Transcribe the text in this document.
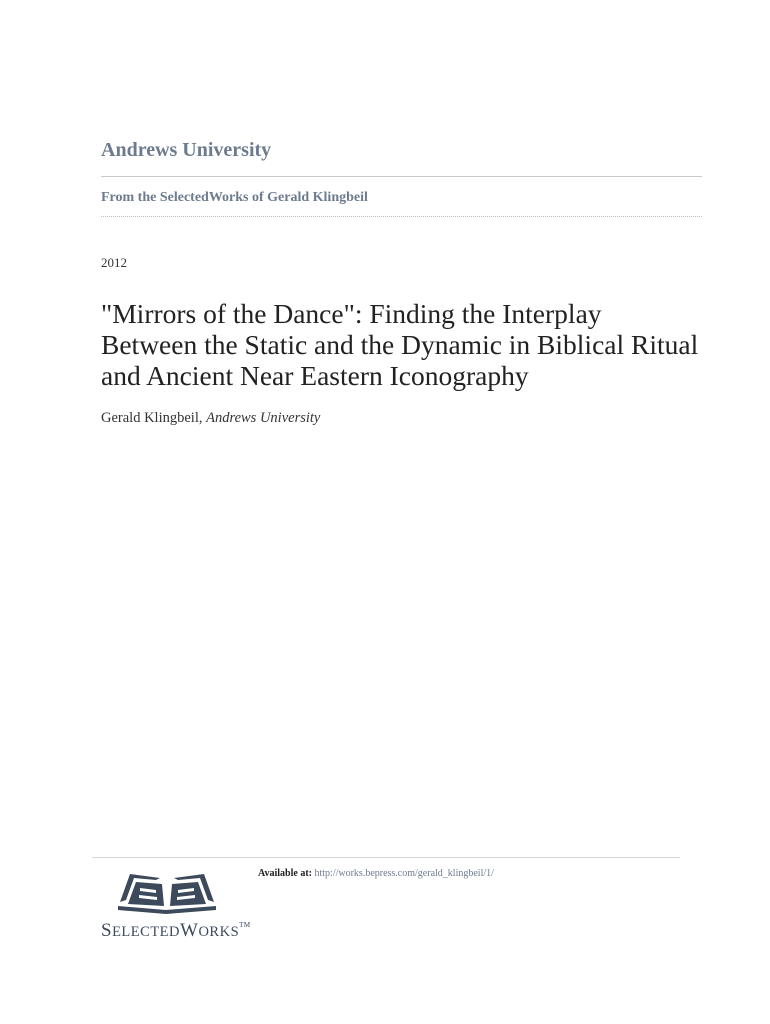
Andrews University
From the SelectedWorks of Gerald Klingbeil
2012
"Mirrors of the Dance": Finding the Interplay Between the Static and the Dynamic in Biblical Ritual and Ancient Near Eastern Iconography
Gerald Klingbeil, Andrews University
SELECTEDWORKS™
Available at: http://works.bepress.com/gerald_klingbeil/1/
